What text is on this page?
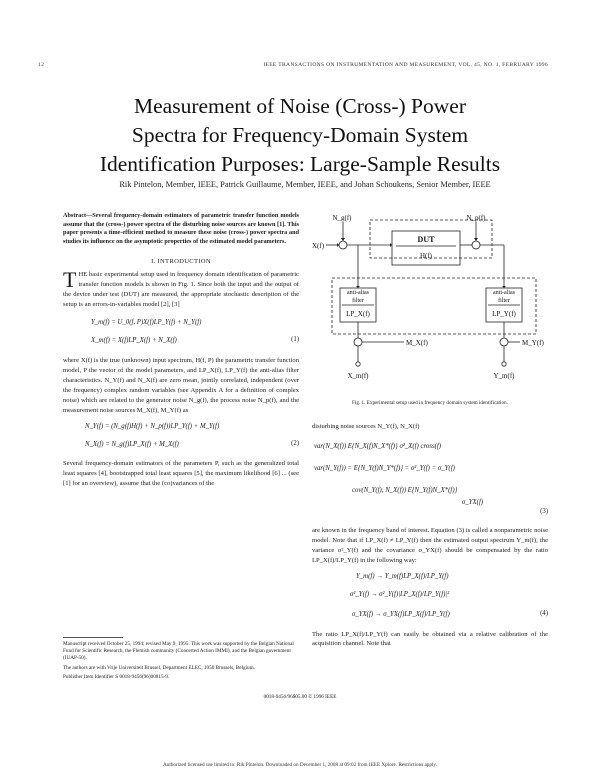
12	IEEE TRANSACTIONS ON INSTRUMENTATION AND MEASUREMENT, VOL. 45, NO. 1, FEBRUARY 1996
Measurement of Noise (Cross-) Power
Spectra for Frequency-Domain System
Identification Purposes: Large-Sample Results
Rik Pintelon, Member, IEEE, Patrick Guillaume, Member, IEEE, and Johan Schoukens, Senior Member, IEEE
Abstract—Several frequency-domain estimators of parametric transfer function models assume that the (cross-) power spectra of the disturbing noise sources are known [1]. This paper presents a time-efficient method to measure these noise (cross-) power spectra and studies its influence on the asymptotic properties of the estimated model parameters.
I. INTRODUCTION
THE basic experimental setup used in frequency domain identification of parametric transfer function models is shown in Fig. 1. Since both the input and the output of the device under test (DUT) are measured, the appropriate stochastic description of the setup is an errors-in-variables model [2], [3]
Y_m(f) = U_0(f, P)X(f)LP_Y(f) + N_Y(f)
X_m(f) = X(f)LP_X(f) + N_X(f)	(1)
where X(f) is the true (unknown) input spectrum, H(f, P) the parametric transfer function model, P the vector of the model parameters, and LP_X(f), LP_Y(f) the anti-alias filter characteristics. N_Y(f) and N_X(f) are zero mean, jointly correlated, independent (over the frequency) complex random variables (see Appendix A for a definition of complex noise) which are related to the generator noise N_g(f), the process noise N_p(f), and the measurement noise sources M_X(f), M_Y(f) as
N_Y(f) = (N_g(f)H(f) + N_p(f))LP_Y(f) + M_Y(f)
N_X(f) = N_g(f)LP_X(f) + M_X(f)	(2)
Several frequency-domain estimators of the parameters P, such as the generalized total least squares [4], bootstrapped total least squares [5], the maximum likelihood [6] ... (see [1] for an overview), assume that the (co)variances of the
Manuscript received October 25, 1994; revised May 9, 1995. This work was supported by the Belgian National Fund for Scientific Research, the Flemish community (Concerted Action IMMI), and the Belgian government (IUAP-50).
The authors are with Vrije Universiteit Brussel, Department ELEC, 1050 Brussels, Belgium.
Publisher Item Identifier S 0018-9456(96)00815-9.
N_g(f)	N_p(f)
X(f)
DUT
H(f)
anti-alias
filter
LP_X(f)
anti-alias
filter
LP_Y(f)
M_X(f)	M_Y(f)
X_m(f)	Y_m(f)
Fig. 1. Experimental setup used in frequency domain system identification.
disturbing noise sources N_Y(f), N_X(f)
var(N_X(f)) E{N_X(f)N_X*(f)} σ²_X(f) cross(f)
var(N_Y(f)) = E{N_Y(f)N_Y*(f)} = σ²_Y(f) = σ_Y(f)
cov(N_Y(f), N_X(f)) E{N_Y(f)N_X*(f)}
σ_YX(f)
(3)
are known in the frequency band of interest. Equation (3) is called a nonparametric noise model. Note that if LP_X(f) ≠ LP_Y(f) then the estimated output spectrum Y_m(f), the variance σ²_Y(f) and the covariance σ_YX(f) should be compensated by the ratio LP_X(f)/LP_Y(f) in the following way:
Y_m(f) → Y_m(f)LP_X(f)/LP_Y(f)
σ²_Y(f) → σ²_Y(f)|LP_X(f)/LP_Y(f)|²
σ_YX(f) → σ_YX(f)LP_X(f)/LP_Y(f)	(4)
The ratio LP_X(f)/LP_Y(f) can easily be obtained via a relative calibration of the acquisition channel. Note that
0018-9456/96$05.00 © 1996 IEEE
Authorized licensed use limited to: Rik Pintelon. Downloaded on December 1, 2008 at 09:02 from IEEE Xplore. Restrictions apply.
